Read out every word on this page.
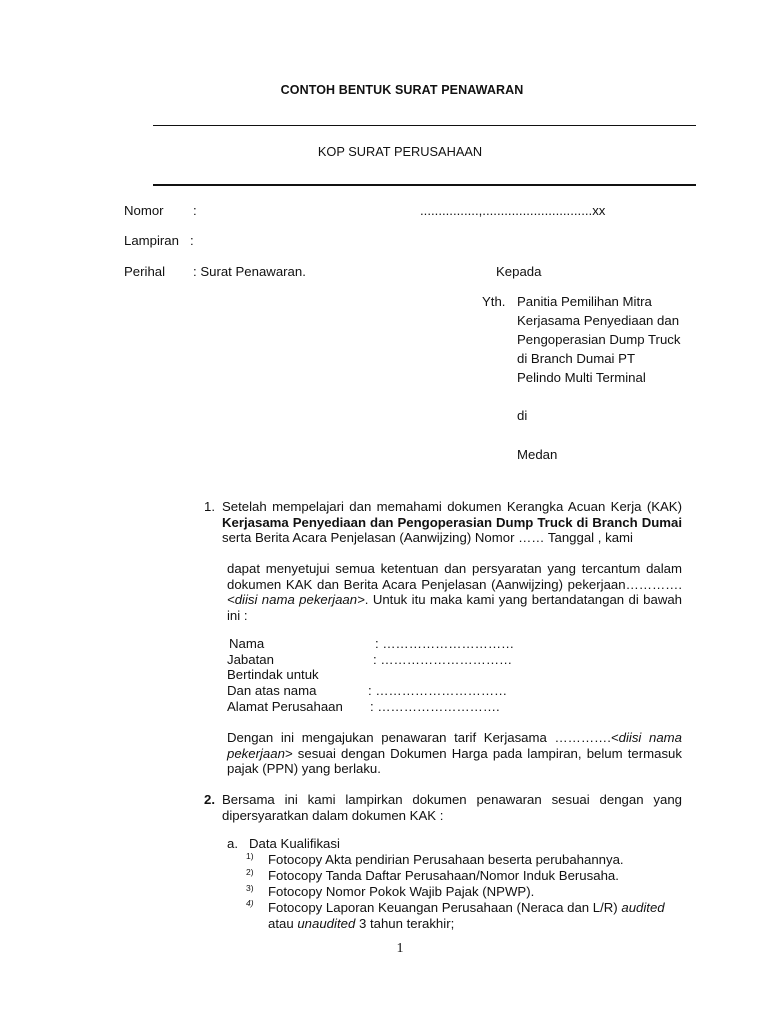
CONTOH BENTUK SURAT PENAWARAN
KOP SURAT PERUSAHAAN
Nomor :	................,..............................xx
Lampiran :
Perihal : Surat Penawaran.	Kepada
Yth. Panitia Pemilihan Mitra
Kerjasama Penyediaan dan
Pengoperasian Dump Truck
di Branch Dumai PT
Pelindo Multi Terminal
di
Medan
1. Setelah mempelajari dan memahami dokumen Kerangka Acuan Kerja (KAK) Kerjasama Penyediaan dan Pengoperasian Dump Truck di Branch Dumai serta Berita Acara Penjelasan (Aanwijzing) Nomor …… Tanggal , kami
dapat menyetujui semua ketentuan dan persyaratan yang tercantum dalam dokumen KAK dan Berita Acara Penjelasan (Aanwijzing) pekerjaan………….<diisi nama pekerjaan>. Untuk itu maka kami yang bertandatangan di bawah ini :
Nama	: …………………………
Jabatan	: …………………………
Bertindak untuk
Dan atas nama	: …………………………
Alamat Perusahaan : ……………………….
Dengan ini mengajukan penawaran tarif Kerjasama ………….<diisi nama pekerjaan> sesuai dengan Dokumen Harga pada lampiran, belum termasuk pajak (PPN) yang berlaku.
2. Bersama ini kami lampirkan dokumen penawaran sesuai dengan yang dipersyaratkan dalam dokumen KAK :
a. Data Kualifikasi
1) Fotocopy Akta pendirian Perusahaan beserta perubahannya.
2) Fotocopy Tanda Daftar Perusahaan/Nomor Induk Berusaha.
3) Fotocopy Nomor Pokok Wajib Pajak (NPWP).
4) Fotocopy Laporan Keuangan Perusahaan (Neraca dan L/R) audited
atau unaudited 3 tahun terakhir;
1
